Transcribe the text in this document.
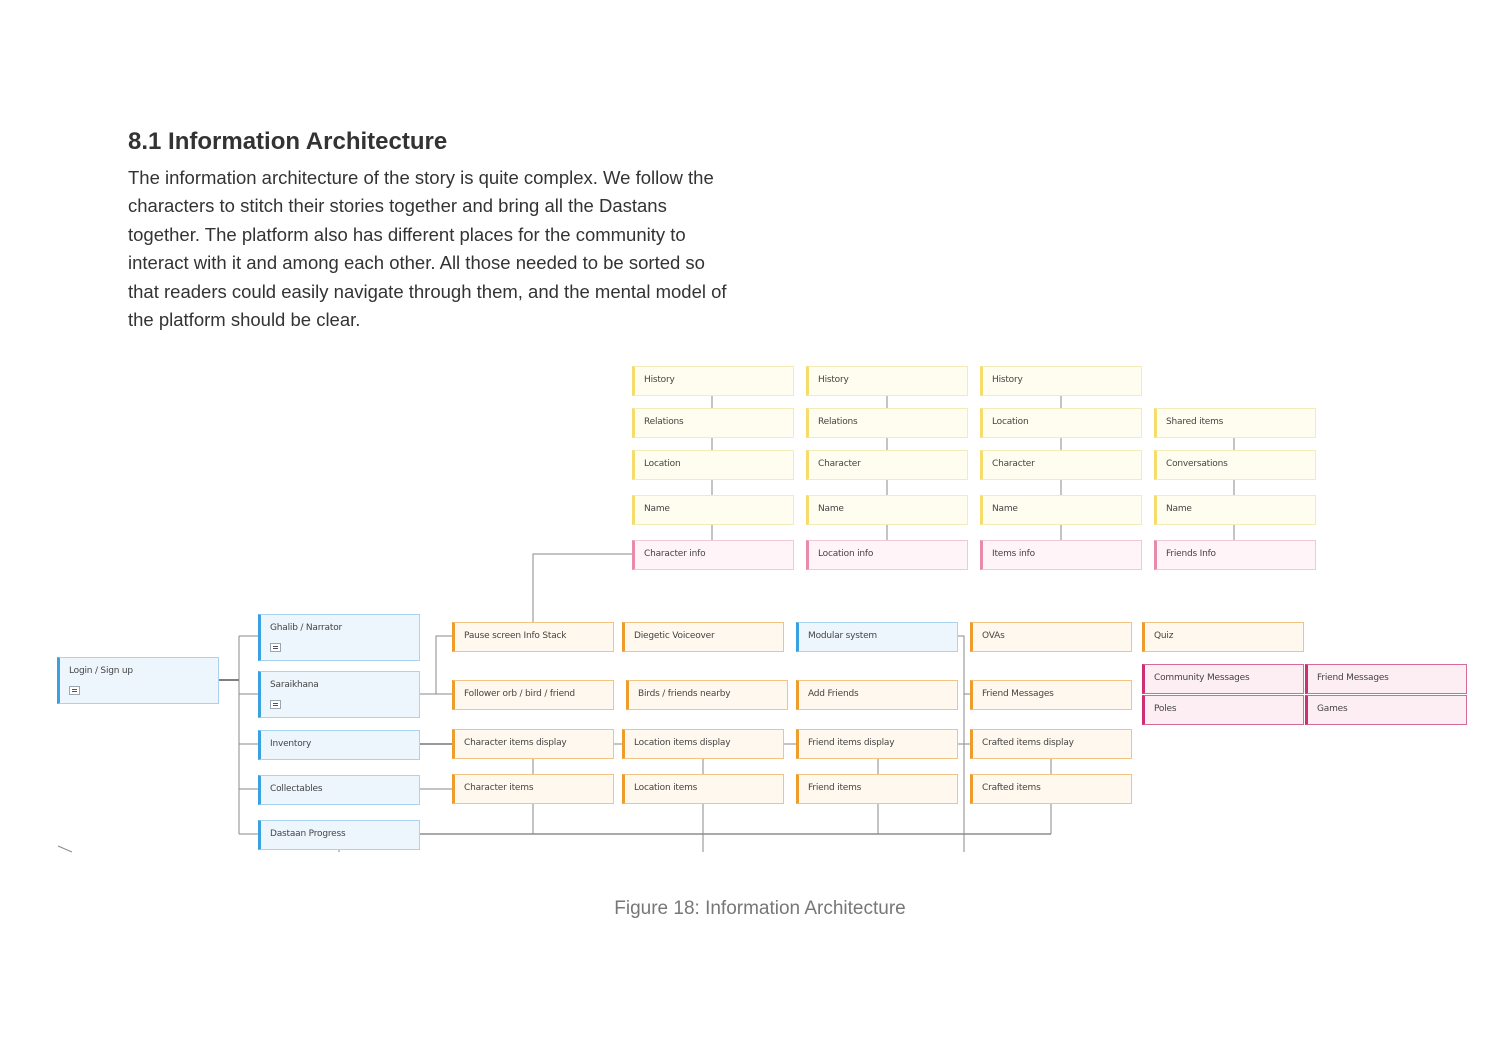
8.1 Information Architecture

The information architecture of the story is quite complex. We follow the characters to stitch their stories together and bring all the Dastans together. The platform also has different places for the community to interact with it and among each other. All those needed to be sorted so that readers could easily navigate through them, and the mental model of the platform should be clear.

Login / Sign up
Ghalib / Narrator
Saraikhana
Inventory
Collectables
Dastaan Progress
Pause screen Info Stack	Diegetic Voiceover	Modular system	OVAs	Quiz
Follower orb / bird / friend	Birds / friends nearby	Add Friends	Friend Messages
Community Messages	Friend Messages
Poles	Games
Character items display	Location items display	Friend items display	Crafted items display
Character items	Location items	Friend items	Crafted items
History
Relations
Location
Name
Character info
History
Relations
Character
Name
Location info
History
Location
Character
Name
Items info
Shared items
Conversations
Name
Friends Info
Figure 18: Information Architecture
